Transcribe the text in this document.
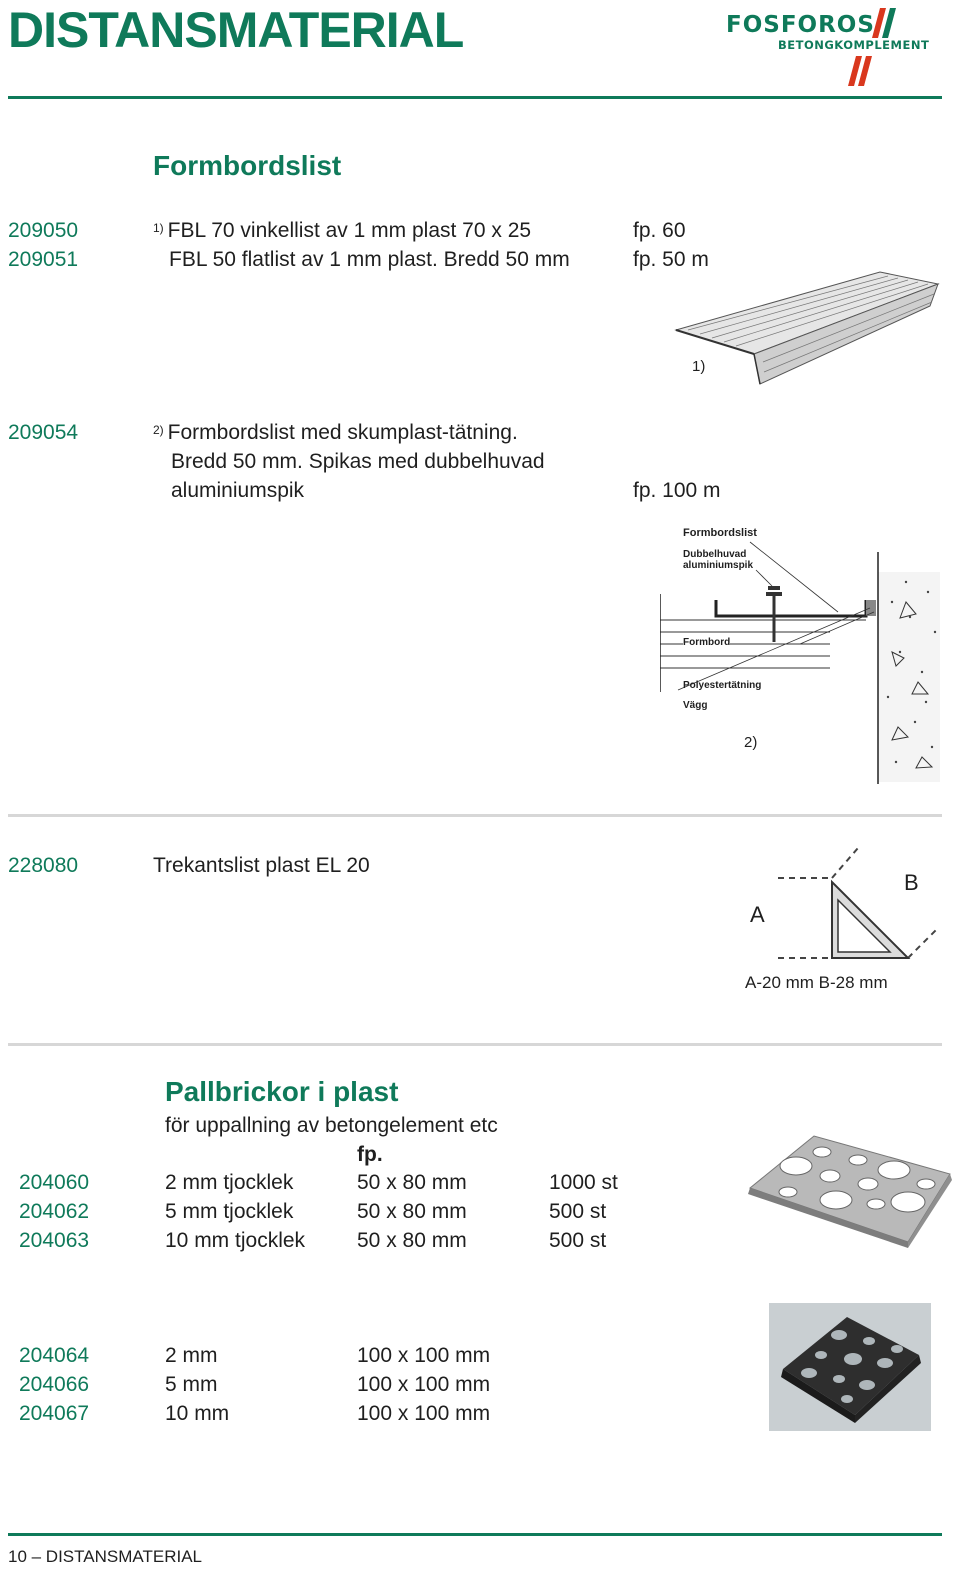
DISTANSMATERIAL	FOSFOROS
BETONGKOMPLEMENT
Formbordslist
209050	$^{1)}$ FBL 70 vinkellist av 1 mm plast 70 x 25	fp. 60
209051	FBL 50 flatlist av 1 mm plast. Bredd 50 mm	fp. 50 m
1)
209054	$^{2)}$ Formbordslist med skumplast-tätning.
Bredd 50 mm. Spikas med dubbelhuvad
aluminiumspik	fp. 100 m
Formbordslist
Dubbelhuvad
aluminiumspik
Formbord
Polyestertätning
Vägg
2)
228080	Trekantslist plast EL 20
A
B
A-20 mm B-28 mm
Pallbrickor i plast
för uppallning av betongelement etc
fp.
204060	2 mm tjocklek	50 x 80 mm	1000 st
204062	5 mm tjocklek	50 x 80 mm	500 st
204063	10 mm tjocklek 50 x 80 mm	500 st
204064	2 mm	100 x 100 mm
204066	5 mm	100 x 100 mm
204067	10 mm	100 x 100 mm
10 – DISTANSMATERIAL
